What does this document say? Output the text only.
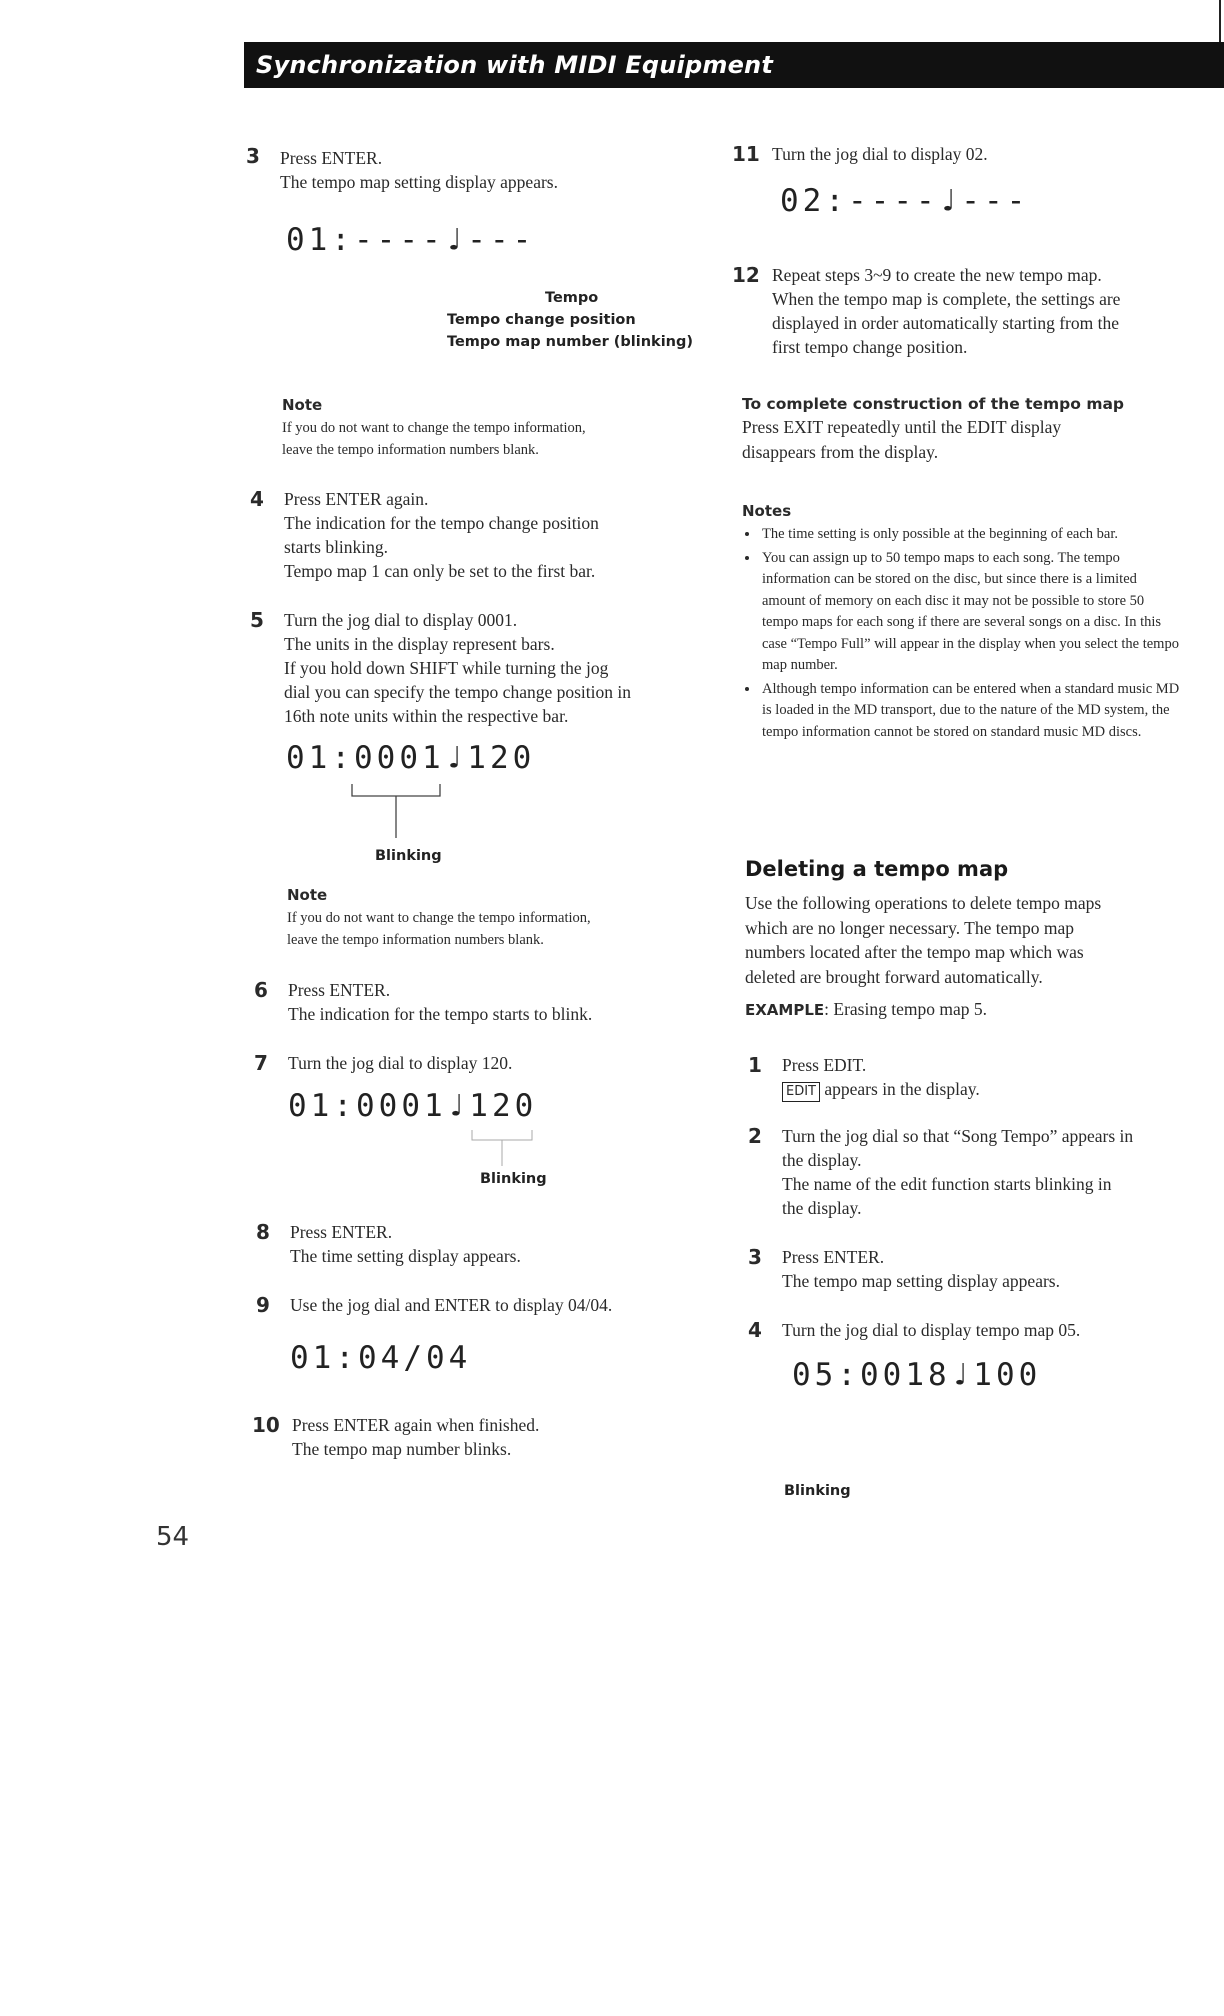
Synchronization with MIDI Equipment
3 Press ENTER.
The tempo map setting display appears.
01:----♩---
Tempo
Tempo change position
Tempo map number (blinking)
Note
If you do not want to change the tempo information,
leave the tempo information numbers blank.
4 Press ENTER again.
The indication for the tempo change position
starts blinking.
Tempo map 1 can only be set to the first bar.
5 Turn the jog dial to display 0001.
The units in the display represent bars.
If you hold down SHIFT while turning the jog
dial you can specify the tempo change position in
16th note units within the respective bar.
01:0001♩120
Blinking
Note
If you do not want to change the tempo information,
leave the tempo information numbers blank.
6 Press ENTER.
The indication for the tempo starts to blink.
7 Turn the jog dial to display 120.
01:0001♩120
Blinking
8 Press ENTER.
The time setting display appears.
9 Use the jog dial and ENTER to display 04/04.
01:04/04
10 Press ENTER again when finished.
The tempo map number blinks.
54
11 Turn the jog dial to display 02.
02:----♩---
12 Repeat steps 3~9 to create the new tempo map.
When the tempo map is complete, the settings are
displayed in order automatically starting from the
first tempo change position.
To complete construction of the tempo map
Press EXIT repeatedly until the EDIT display
disappears from the display.
Notes
• The time setting is only possible at the beginning of each bar.
• You can assign up to 50 tempo maps to each song. The tempo information can be stored on the disc, but since there is a limited amount of memory on each disc it may not be possible to store 50 tempo maps for each song if there are several songs on a disc. In this case “Tempo Full” will appear in the display when you select the tempo map number.
• Although tempo information can be entered when a standard music MD is loaded in the MD transport, due to the nature of the MD system, the tempo information cannot be stored on standard music MD discs.
Deleting a tempo map
Use the following operations to delete tempo maps
which are no longer necessary. The tempo map
numbers located after the tempo map which was
deleted are brought forward automatically.
EXAMPLE: Erasing tempo map 5.
1 Press EDIT.
EDIT appears in the display.
2 Turn the jog dial so that “Song Tempo” appears in
the display.
The name of the edit function starts blinking in
the display.
3 Press ENTER.
The tempo map setting display appears.
4 Turn the jog dial to display tempo map 05.
05:0018♩100
Blinking
